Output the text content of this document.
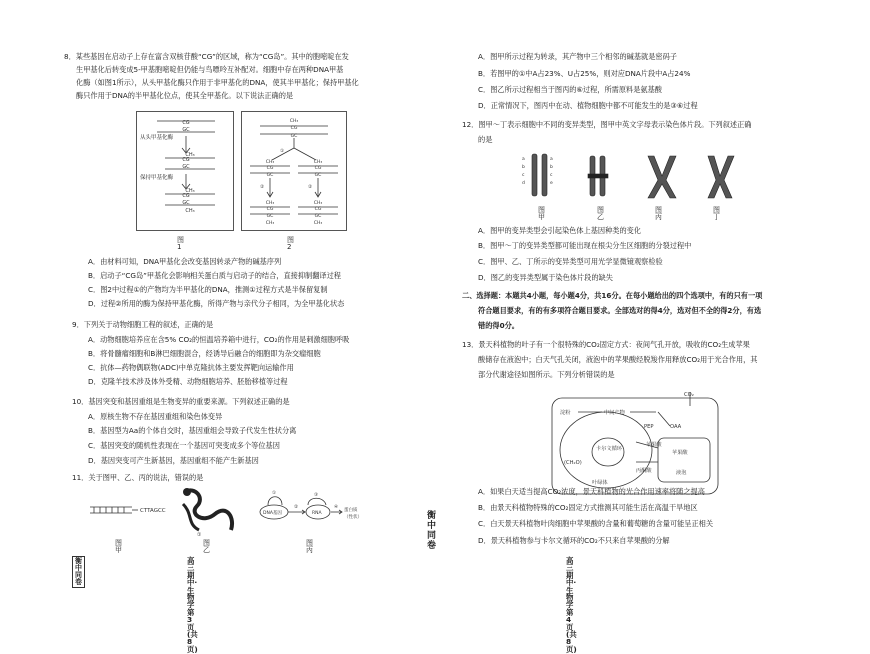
8．某些基因在启动子上存在富含双核苷酸“CG”的区域，称为“CG岛”。其中的胞嘧啶在发
生甲基化后转变成5-甲基胞嘧啶但仍能与鸟嘌呤互补配对。细胞中存在两种DNA甲基
化酶（如图1所示），从头甲基化酶只作用于非甲基化的DNA，使其半甲基化；保持甲基化
酶只作用于DNA的半甲基化位点，使其全甲基化。以下说法正确的是
CG
GC
CH₃
CG
GC
CH₃
CG
GC
CH₃
从头甲基化酶
保持甲基化酶
图1
CH₃
CG
GC
CH₃
CG
GC
CH₃
CG
GC
CH₃
CG
GC
CH₃
CH₃
CG
GC
CH₃
②	②
①
图2
A．由材料可知，DNA甲基化会改变基因转录产物的碱基序列
B．启动子“CG岛”甲基化会影响相关蛋白质与启动子的结合，直接抑制翻译过程
C．图2中过程①的产物均为半甲基化的DNA，推测①过程方式是半保留复制
D．过程②所用的酶为保持甲基化酶，所得产物与亲代分子相同，为全甲基化状态
9．下列关于动物细胞工程的叙述，正确的是
A．动物细胞培养应在含5% CO₂的恒温培养箱中进行，CO₂的作用是刺激细胞呼吸
B．将骨髓瘤细胞和B淋巴细胞混合，经诱导后融合的细胞即为杂交瘤细胞
C．抗体—药物偶联物(ADC)中单克隆抗体主要发挥靶向运输作用
D．克隆羊技术涉及体外受精、动物细胞培养、胚胎移植等过程
10．基因突变和基因重组是生物变异的重要来源。下列叙述正确的是
A．原核生物不存在基因重组和染色体变异
B．基因型为Aa的个体自交时，基因重组会导致子代发生性状分离
C．基因突变的随机性表现在一个基因可突变成多个等位基因
D．基因突变可产生新基因，基因重组不能产生新基因
11．关于图甲、乙、丙的说法，错误的是
CTTAGCC
①
DNA基因	RNA
蛋白质
（性状）
①
②
③
④
图甲
图乙
图丙
衡中同卷
高三期中·生物学 第 3 页(共 8 页)
衡中同卷
A．图甲所示过程为转录，其产物中三个相邻的碱基就是密码子
B．若图甲的①中A占23%、U占25%，则对应DNA片段中A占24%
C．图乙所示过程相当于图丙的⑥过程，所需原料是氨基酸
D．正常情况下，图丙中在动、植物细胞中都不可能发生的是③⑥过程
12．图甲～丁表示细胞中不同的变异类型，图甲中英文字母表示染色体片段。下列叙述正确
的是
a
b
c
d
a
b
c
e
图甲
图乙
图丙
图丁
A．图甲的变异类型会引起染色体上基因种类的变化
B．图甲～丁的变异类型都可能出现在根尖分生区细胞的分裂过程中
C．图甲、乙、丁所示的变异类型可用光学显微镜观察检验
D．图乙的变异类型属于染色体片段的缺失
二、选择题：本题共4小题，每小题4分，共16分。在每小题给出的四个选项中，有的只有一项
符合题目要求，有的有多项符合题目要求。全部选对的得4分，选对但不全的得2分，有选
错的得0分。
13．景天科植物的叶子有一个很特殊的CO₂固定方式：夜间气孔开放，吸收的CO₂生成苹果
酸储存在液泡中；白天气孔关闭，液泡中的苹果酸经脱羧作用释放CO₂用于光合作用，其
部分代谢途径如图所示。下列分析错误的是
CO₂
淀粉	中间产物
PEP	OAA
卡尔文循环
(CH₂O)
丙酮酸
苹果酸
苹果酸
叶绿体
液泡
A．如果白天适当提高CO₂浓度，景天科植物的光合作用速率将随之提高
B．由景天科植物特殊的CO₂固定方式推测其可能生活在高温干旱地区
C．白天景天科植物叶肉细胞中苹果酸的含量和葡萄糖的含量可能呈正相关
D．景天科植物参与卡尔文循环的CO₂不只来自苹果酸的分解
高三期中·生物学 第 4 页(共 8 页)
